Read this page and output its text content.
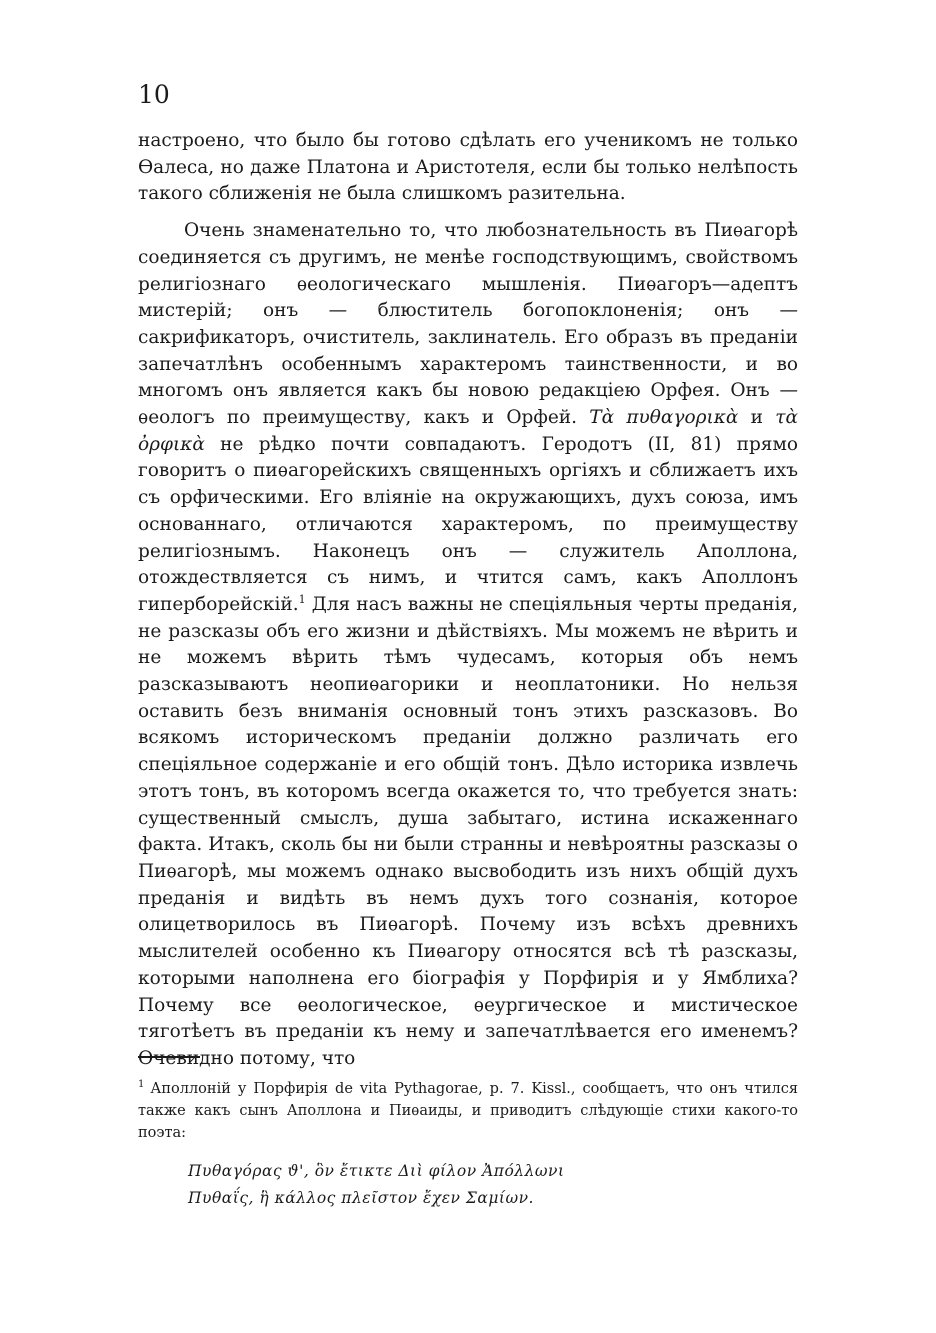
10

настроено, что было бы готово сдѣлать его ученикомъ не только Ѳалеса, но даже Платона и Аристотеля, если бы только нелѣпость такого сближенія не была слишкомъ разительна.

Очень знаменательно то, что любознательность въ Пиѳагорѣ соединяется съ другимъ, не менѣе господствующимъ, свойствомъ религіознаго ѳеологическаго мышленія. Пиѳагоръ—адептъ мистерій; онъ — блюститель богопоклоненія; онъ — сакрификаторъ, очиститель, заклинатель. Его образъ въ преданіи запечатлѣнъ особеннымъ характеромъ таинственности, и во многомъ онъ является какъ бы новою редакціею Орфея. Онъ — ѳеологъ по преимуществу, какъ и Орфей. Τὰ πυθαγορικὰ и τὰ ὀρφικὰ не рѣдко почти совпадаютъ. Геродотъ (II, 81) прямо говоритъ о пиѳагорейскихъ священныхъ оргіяхъ и сближаетъ ихъ съ орфическими. Его вліяніе на окружающихъ, духъ союза, имъ основаннаго, отличаются характеромъ, по преимуществу религіознымъ. Наконецъ онъ — служитель Аполлона, отождествляется съ нимъ, и чтится самъ, какъ Аполлонъ гиперборейскій.$^1$ Для насъ важны не спеціяльныя черты преданія, не разсказы объ его жизни и дѣйствіяхъ. Мы можемъ не вѣрить и не можемъ вѣрить тѣмъ чудесамъ, которыя объ немъ разсказываютъ неопиѳагорики и неоплатоники. Но нельзя оставить безъ вниманія основный тонъ этихъ разсказовъ. Во всякомъ историческомъ преданіи должно различать его спеціяльное содержаніе и его общій тонъ. Дѣло историка извлечь этотъ тонъ, въ которомъ всегда окажется то, что требуется знать: существенный смыслъ, душа забытаго, истина искаженнаго факта. Итакъ, сколь бы ни были странны и невѣроятны разсказы о Пиѳагорѣ, мы можемъ однако высвободить изъ нихъ общій духъ преданія и видѣть въ немъ духъ того сознанія, которое олицетворилось въ Пиѳагорѣ. Почему изъ всѣхъ древнихъ мыслителей особенно къ Пиѳагору относятся всѣ тѣ разсказы, которыми наполнена его біографія у Порфирія и у Ямблиха? Почему все ѳеологическое, ѳеургическое и мистическое тяготѣетъ въ преданіи къ нему и запечатлѣвается его именемъ? Очевидно потому, что

$^1$ Аполлоній у Порфирія de vita Pythagorae, p. 7. Kissl., сообщаетъ, что онъ чтился также какъ сынъ Аполлона и Пиѳаиды, и приводитъ слѣдующіе стихи какого-то поэта:

Πυθαγόρας ϑ', ὃν ἔτικτε Διὶ φίλον Ἀπόλλωνι
Πυθαΐς, ἣ κάλλος πλεῖστον ἔχεν Σαμίων.
